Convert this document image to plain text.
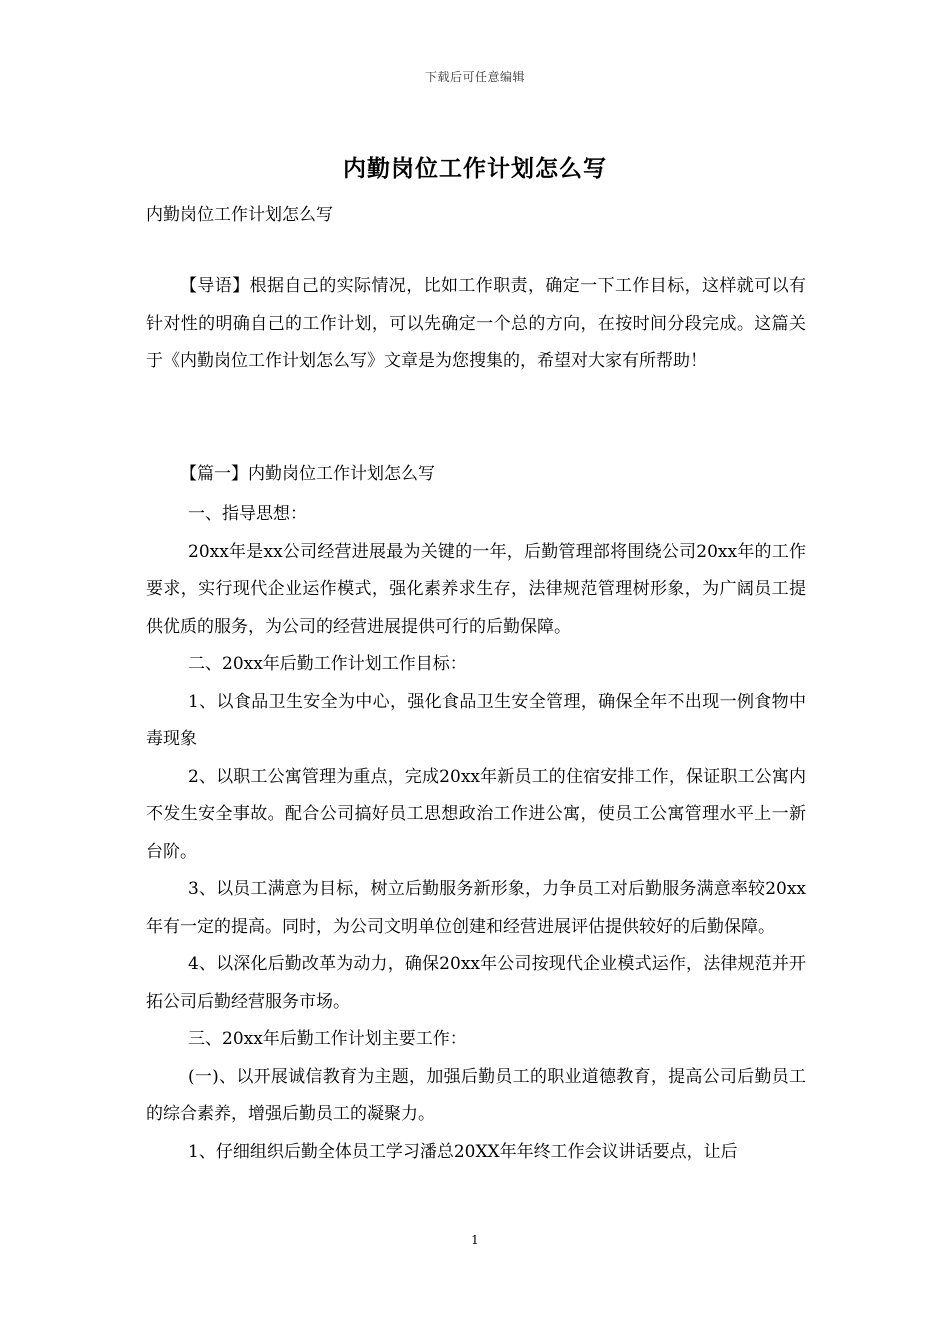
下载后可任意编辑
内勤岗位工作计划怎么写

内勤岗位工作计划怎么写

【导语】根据自己的实际情况，比如工作职责，确定一下工作目标，这样就可以有针对性的明确自己的工作计划，可以先确定一个总的方向，在按时间分段完成。这篇关于《内勤岗位工作计划怎么写》文章是为您搜集的，希望对大家有所帮助！

【篇一】内勤岗位工作计划怎么写

一、指导思想：

20xx年是xx公司经营进展最为关键的一年，后勤管理部将围绕公司20xx年的工作要求，实行现代企业运作模式，强化素养求生存，法律规范管理树形象，为广阔员工提供优质的服务，为公司的经营进展提供可行的后勤保障。

二、20xx年后勤工作计划工作目标：

1、以食品卫生安全为中心，强化食品卫生安全管理，确保全年不出现一例食物中毒现象

2、以职工公寓管理为重点，完成20xx年新员工的住宿安排工作，保证职工公寓内不发生安全事故。配合公司搞好员工思想政治工作进公寓，使员工公寓管理水平上一新台阶。

3、以员工满意为目标，树立后勤服务新形象，力争员工对后勤服务满意率较20xx年有一定的提高。同时，为公司文明单位创建和经营进展评估提供较好的后勤保障。

4、以深化后勤改革为动力，确保20xx年公司按现代企业模式运作，法律规范并开拓公司后勤经营服务市场。

三、20xx年后勤工作计划主要工作：

(一)、以开展诚信教育为主题，加强后勤员工的职业道德教育，提高公司后勤员工的综合素养，增强后勤员工的凝聚力。

1、仔细组织后勤全体员工学习潘总20XX年年终工作会议讲话要点，让后

1
